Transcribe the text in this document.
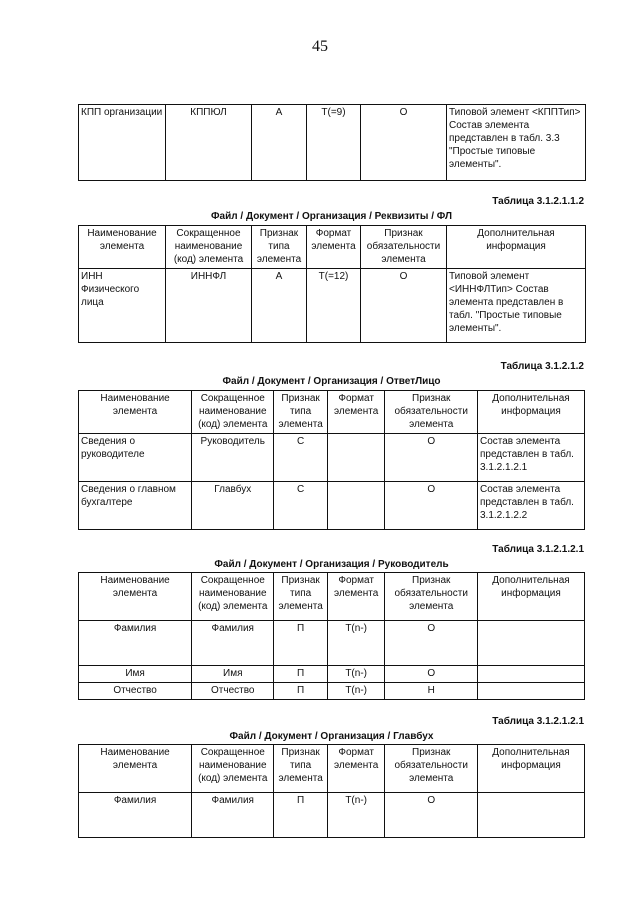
45
КПП организации	КППЮЛ	А	Т(=9)	О	Типовой элемент <КППТип> Состав элемента представлен в табл. 3.3 "Простые типовые элементы".
Таблица 3.1.2.1.1.2
Файл / Документ / Организация / Реквизиты / ФЛ
Наименование элемента	Сокращенное наименование (код) элемента	Признак типа элемента	Формат элемента	Признак обязательности элемента	Дополнительная информация
ИНН Физического лица	ИННФЛ	А	Т(=12)	О	Типовой элемент <ИННФЛТип> Состав элемента представлен в табл. "Простые типовые элементы".
Таблица 3.1.2.1.2
Файл / Документ / Организация / ОтветЛицо
Наименование элемента	Сокращенное наименование (код) элемента	Признак типа элемента	Формат элемента	Признак обязательности элемента	Дополнительная информация
Сведения о руководителе	Руководитель	С		О	Состав элемента представлен в табл. 3.1.2.1.2.1
Сведения о главном бухгалтере	Главбух	С		О	Состав элемента представлен в табл. 3.1.2.1.2.2
Таблица 3.1.2.1.2.1
Файл / Документ / Организация / Руководитель
Наименование элемента	Сокращенное наименование (код) элемента	Признак типа элемента	Формат элемента	Признак обязательности элемента	Дополнительная информация
Фамилия	Фамилия	П	Т(n-)	О	
Имя	Имя	П	Т(n-)	О	
Отчество	Отчество	П	Т(n-)	Н	
Таблица 3.1.2.1.2.1
Файл / Документ / Организация / Главбух
Наименование элемента	Сокращенное наименование (код) элемента	Признак типа элемента	Формат элемента	Признак обязательности элемента	Дополнительная информация
Фамилия	Фамилия	П	Т(n-)	О	
